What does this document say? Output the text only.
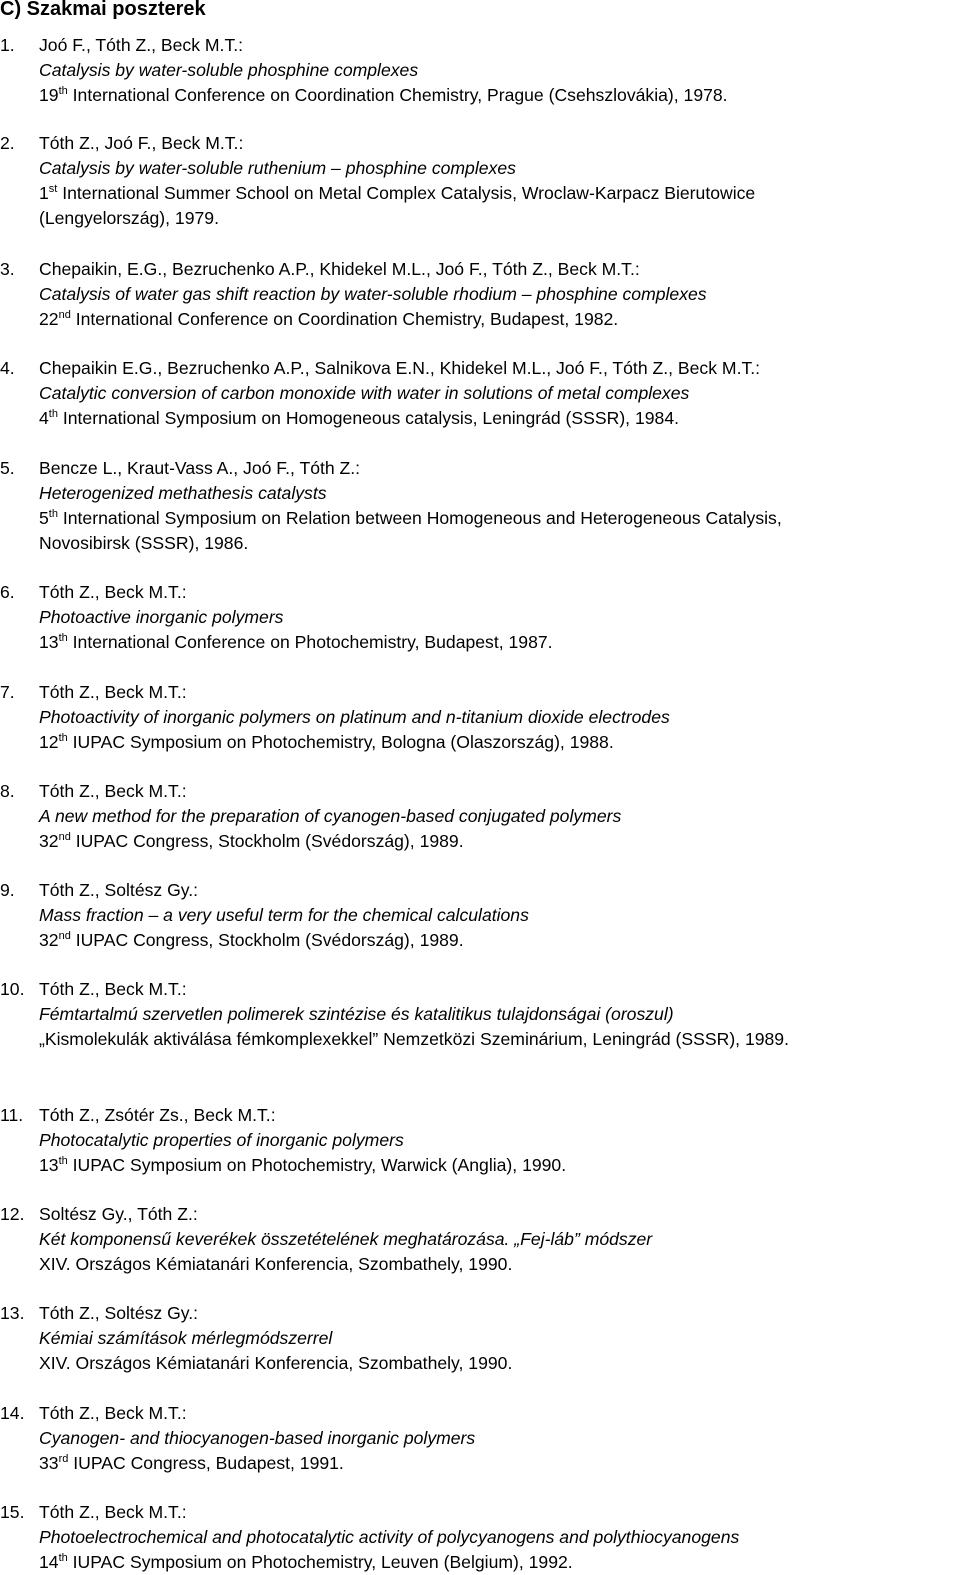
C) Szakmai poszterek
1. Joó F., Tóth Z., Beck M.T.:
Catalysis by water-soluble phosphine complexes
19th International Conference on Coordination Chemistry, Prague (Csehszlovákia), 1978.
2. Tóth Z., Joó F., Beck M.T.:
Catalysis by water-soluble ruthenium – phosphine complexes
1st International Summer School on Metal Complex Catalysis, Wroclaw-Karpacz Bierutowice
(Lengyelország), 1979.
3. Chepaikin, E.G., Bezruchenko A.P., Khidekel M.L., Joó F., Tóth Z., Beck M.T.:
Catalysis of water gas shift reaction by water-soluble rhodium – phosphine complexes
22nd International Conference on Coordination Chemistry, Budapest, 1982.
4. Chepaikin E.G., Bezruchenko A.P., Salnikova E.N., Khidekel M.L., Joó F., Tóth Z., Beck M.T.:
Catalytic conversion of carbon monoxide with water in solutions of metal complexes
4th International Symposium on Homogeneous catalysis, Leningrád (SSSR), 1984.
5. Bencze L., Kraut-Vass A., Joó F., Tóth Z.:
Heterogenized methathesis catalysts
5th International Symposium on Relation between Homogeneous and Heterogeneous Catalysis,
Novosibirsk (SSSR), 1986.
6. Tóth Z., Beck M.T.:
Photoactive inorganic polymers
13th International Conference on Photochemistry, Budapest, 1987.
7. Tóth Z., Beck M.T.:
Photoactivity of inorganic polymers on platinum and n-titanium dioxide electrodes
12th IUPAC Symposium on Photochemistry, Bologna (Olaszország), 1988.
8. Tóth Z., Beck M.T.:
A new method for the preparation of cyanogen-based conjugated polymers
32nd IUPAC Congress, Stockholm (Svédország), 1989.
9. Tóth Z., Soltész Gy.:
Mass fraction – a very useful term for the chemical calculations
32nd IUPAC Congress, Stockholm (Svédország), 1989.
10. Tóth Z., Beck M.T.:
Fémtartalmú szervetlen polimerek szintézise és katalitikus tulajdonságai (oroszul)
„Kismolekulák aktiválása fémkomplexekkel” Nemzetközi Szeminárium, Leningrád (SSSR), 1989.
11. Tóth Z., Zsótér Zs., Beck M.T.:
Photocatalytic properties of inorganic polymers
13th IUPAC Symposium on Photochemistry, Warwick (Anglia), 1990.
12. Soltész Gy., Tóth Z.:
Két komponensű keverékek összetételének meghatározása. „Fej-láb” módszer
XIV. Országos Kémiatanári Konferencia, Szombathely, 1990.
13. Tóth Z., Soltész Gy.:
Kémiai számítások mérlegmódszerrel
XIV. Országos Kémiatanári Konferencia, Szombathely, 1990.
14. Tóth Z., Beck M.T.:
Cyanogen- and thiocyanogen-based inorganic polymers
33rd IUPAC Congress, Budapest, 1991.
15. Tóth Z., Beck M.T.:
Photoelectrochemical and photocatalytic activity of polycyanogens and polythiocyanogens
14th IUPAC Symposium on Photochemistry, Leuven (Belgium), 1992.
